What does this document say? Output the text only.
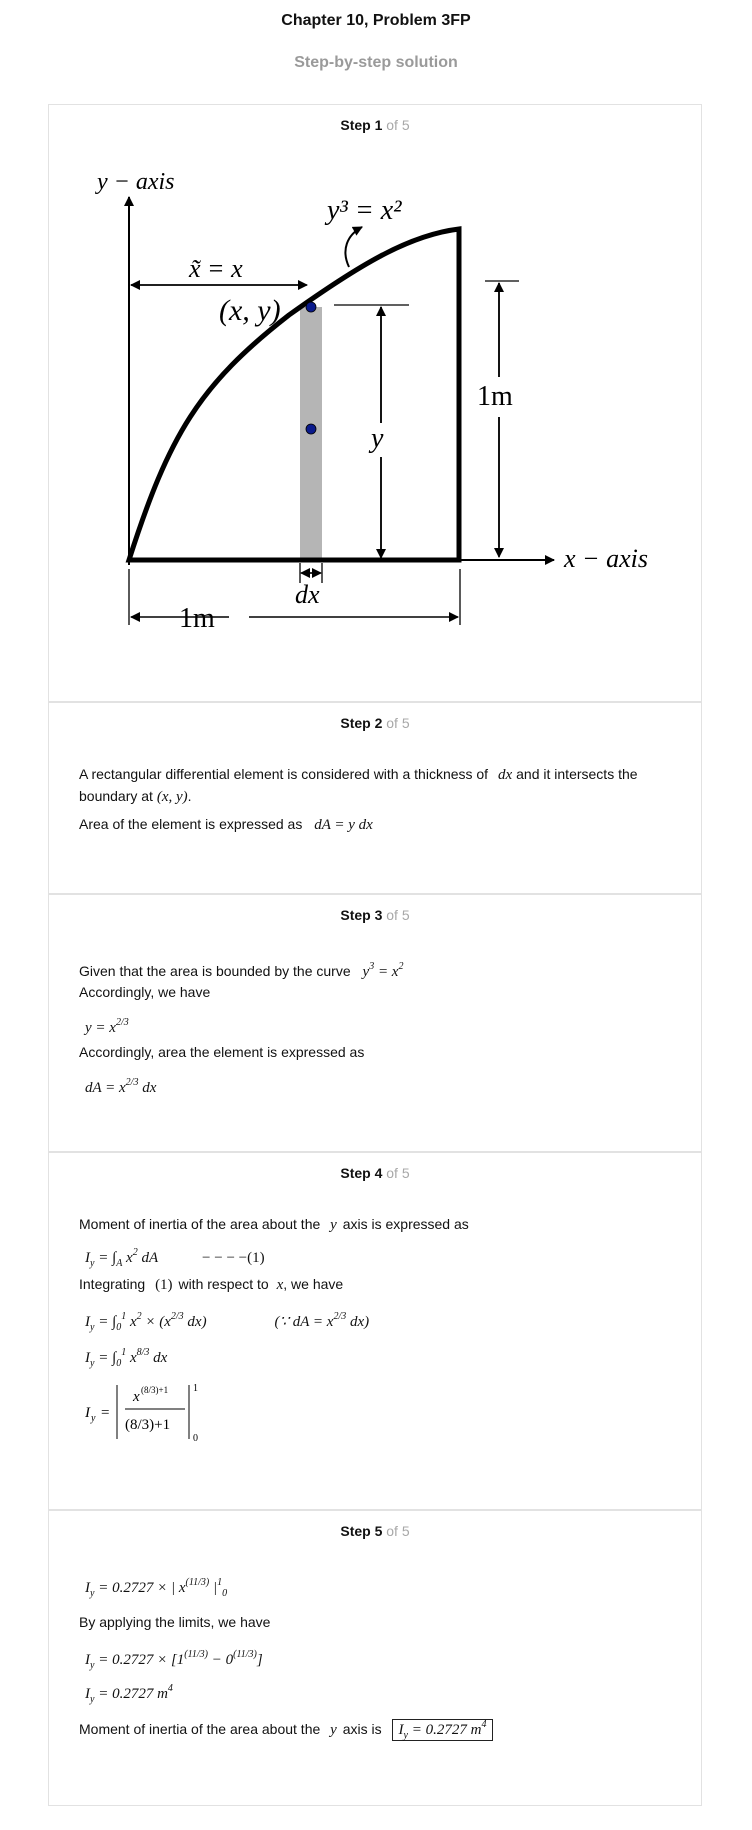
Chapter 10, Problem 3FP
Step-by-step solution
Step 1 of 5
y − axis
x − axis
y³ = x²
x̃ = x
(x, y)
y
1m
dx
1m
Step 2 of 5
A rectangular differential element is considered with a thickness of dx and it intersects the
boundary at (x, y).
Area of the element is expressed as dA = y dx
Step 3 of 5
Given that the area is bounded by the curve $y^3 = x^2$
Accordingly, we have
$y = x^{2/3}$
Accordingly, area the element is expressed as
dA = $x^{2/3}$ dx
Step 4 of 5
Moment of inertia of the area about the y axis is expressed as
$I_y = \int_A$ $x^2$ dA	− − − −(1)
Integrating (1) with respect to x, we have
$I_y = \int_0^1$ $x^2 \times (x^{2/3}$ dx)	(∵ dA = $x^{2/3}$ dx)
$I_y = \int_0^1$ $x^{8/3}$ dx
I y =
x (8/3)+1
(8/3)+1
1
0
Step 5 of 5
$I_y = 0.2727$ × | $x^{(11/3)}$ $|^1_0$
By applying the limits, we have
$I_y = 0.2727 \times [1^{(11/3)} - 0^{(11/3)}]$
$I_y = 0.2727$ $m^4$
Moment of inertia of the area about the y axis is $I_y = 0.2727$ $m^4$
